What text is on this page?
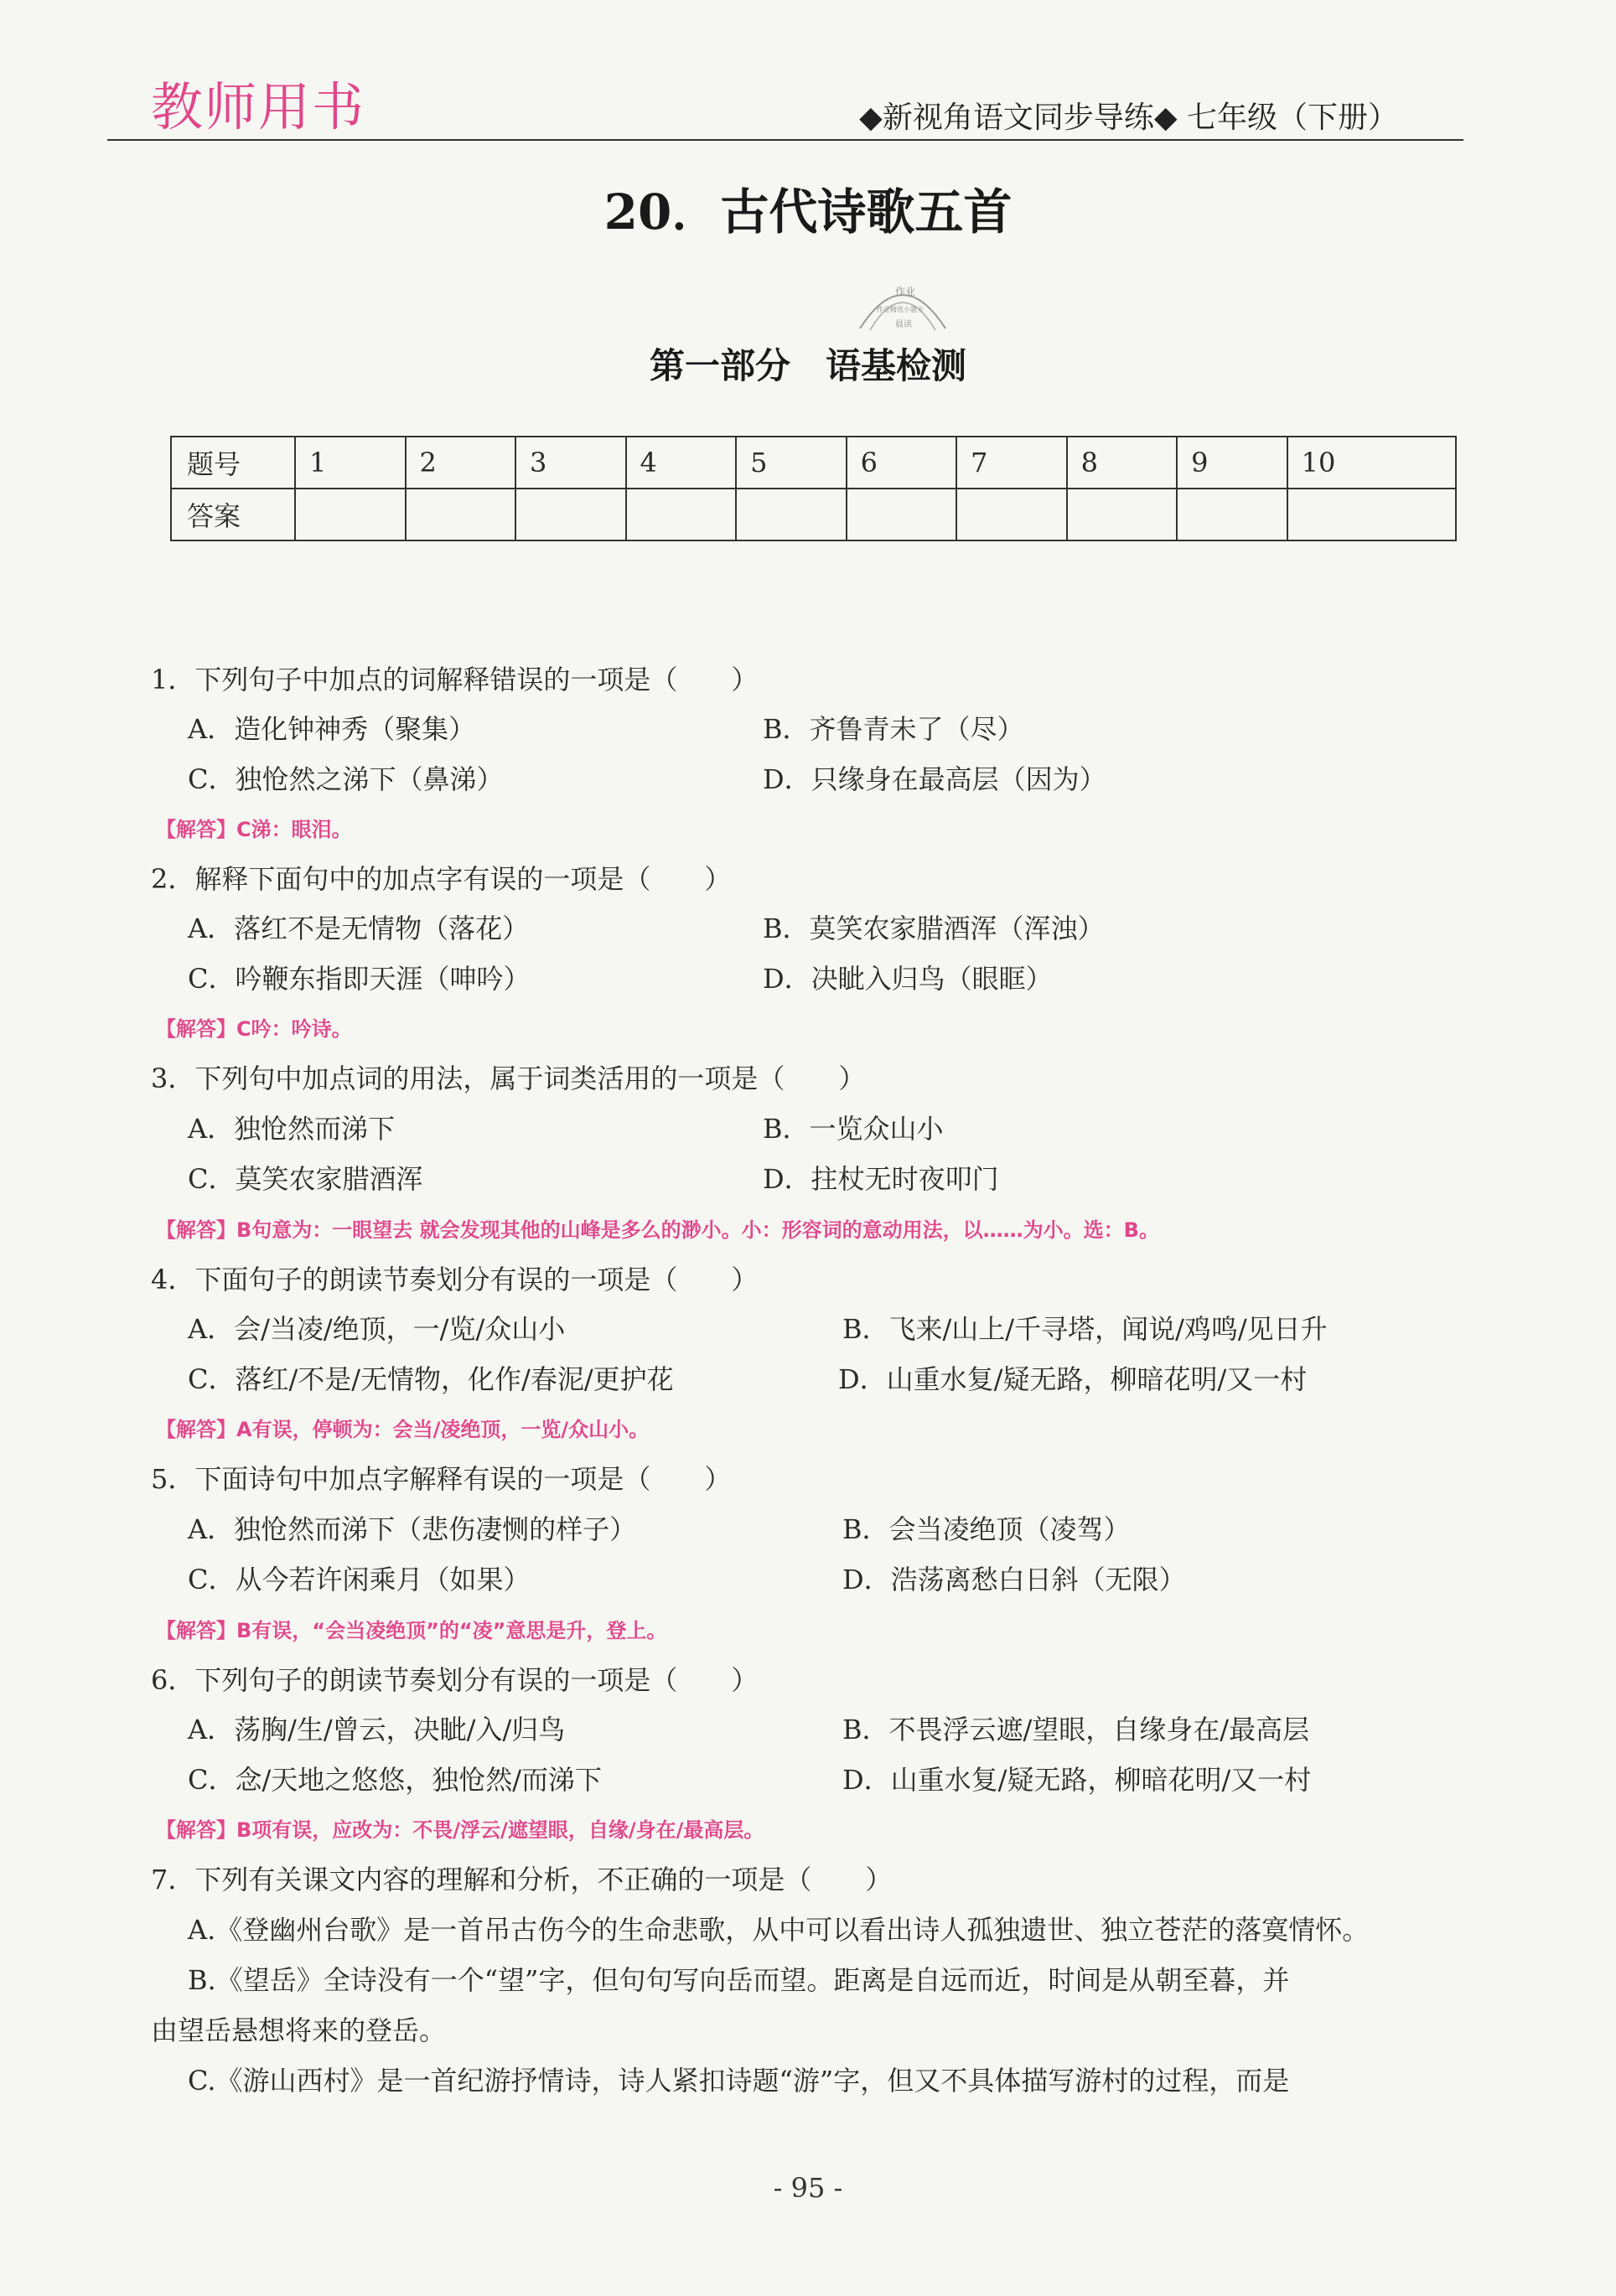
教师用书	◆新视角语文同步导练◆ 七年级（下册）
20．古代诗歌五首
作业
作业精选小题卡
晨读
第一部分　语基检测
题号	1	2	3	4	5	6	7	8	9	10
答案										
1．下列句子中加点的词解释错误的一项是（　　）
A．造化钟神秀（聚集）	B．齐鲁青未了（尽）
C．独怆然之涕下（鼻涕）	D．只缘身在最高层（因为）
【解答】C涕：眼泪。
2．解释下面句中的加点字有误的一项是（　　）
A．落红不是无情物（落花）	B．莫笑农家腊酒浑（浑浊）
C．吟鞭东指即天涯（呻吟）	D．决眦入归鸟（眼眶）
【解答】C吟：吟诗。
3．下列句中加点词的用法，属于词类活用的一项是（　　）
A．独怆然而涕下	B．一览众山小
C．莫笑农家腊酒浑	D．拄杖无时夜叩门
【解答】B句意为：一眼望去 就会发现其他的山峰是多么的渺小。小：形容词的意动用法，以……为小。选：B。
4．下面句子的朗读节奏划分有误的一项是（　　）
A．会/当凌/绝顶，一/览/众山小	B．飞来/山上/千寻塔，闻说/鸡鸣/见日升
C．落红/不是/无情物，化作/春泥/更护花	D．山重水复/疑无路，柳暗花明/又一村
【解答】A有误，停顿为：会当/凌绝顶，一览/众山小。
5．下面诗句中加点字解释有误的一项是（　　）
A．独怆然而涕下（悲伤凄恻的样子）	B．会当凌绝顶（凌驾）
C．从今若许闲乘月（如果）	D．浩荡离愁白日斜（无限）
【解答】B有误，“会当凌绝顶”的“凌”意思是升，登上。
6．下列句子的朗读节奏划分有误的一项是（　　）
A．荡胸/生/曾云，决眦/入/归鸟	B．不畏浮云遮/望眼，自缘身在/最高层
C．念/天地之悠悠，独怆然/而涕下	D．山重水复/疑无路，柳暗花明/又一村
【解答】B项有误，应改为：不畏/浮云/遮望眼，自缘/身在/最高层。
7．下列有关课文内容的理解和分析，不正确的一项是（　　）
A.《登幽州台歌》是一首吊古伤今的生命悲歌，从中可以看出诗人孤独遗世、独立苍茫的落寞情怀。
B.《望岳》全诗没有一个“望”字，但句句写向岳而望。距离是自远而近，时间是从朝至暮，并
由望岳悬想将来的登岳。
C.《游山西村》是一首纪游抒情诗，诗人紧扣诗题“游”字，但又不具体描写游村的过程，而是
- 95 -
